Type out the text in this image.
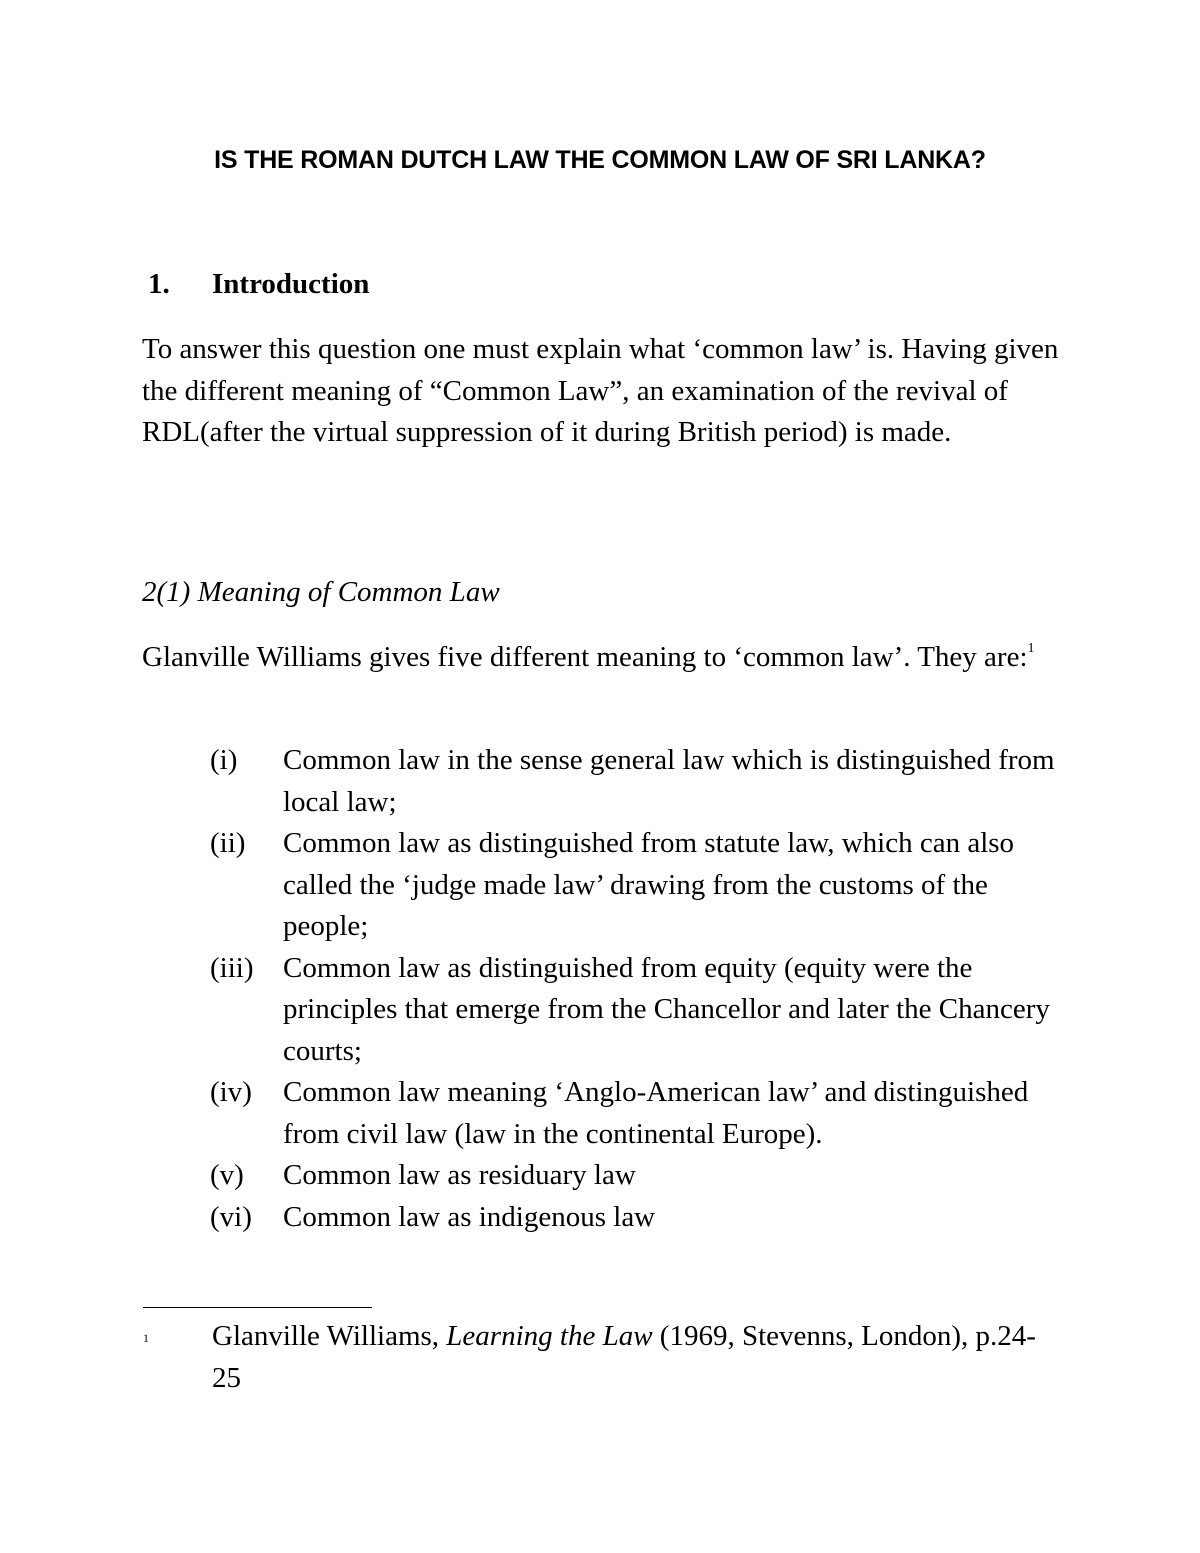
IS THE ROMAN DUTCH LAW THE COMMON LAW OF SRI LANKA?
1. Introduction
To answer this question one must explain what ‘common law’ is. Having given the different meaning of “Common Law”, an examination of the revival of RDL(after the virtual suppression of it during British period) is made.
2(1) Meaning of Common Law
Glanville Williams gives five different meaning to ‘common law’. They are:$^1$
(i)	Common law in the sense general law which is distinguished from local law;
(ii)	Common law as distinguished from statute law, which can also called the ‘judge made law’ drawing from the customs of the people;
(iii)	Common law as distinguished from equity (equity were the principles that emerge from the Chancellor and later the Chancery courts;
(iv)	Common law meaning ‘Anglo-American law’ and distinguished from civil law (law in the continental Europe).
(v)	Common law as residuary law
(vi)	Common law as indigenous law
1 Glanville Williams, Learning the Law (1969, Stevenns, London), p.24-25
